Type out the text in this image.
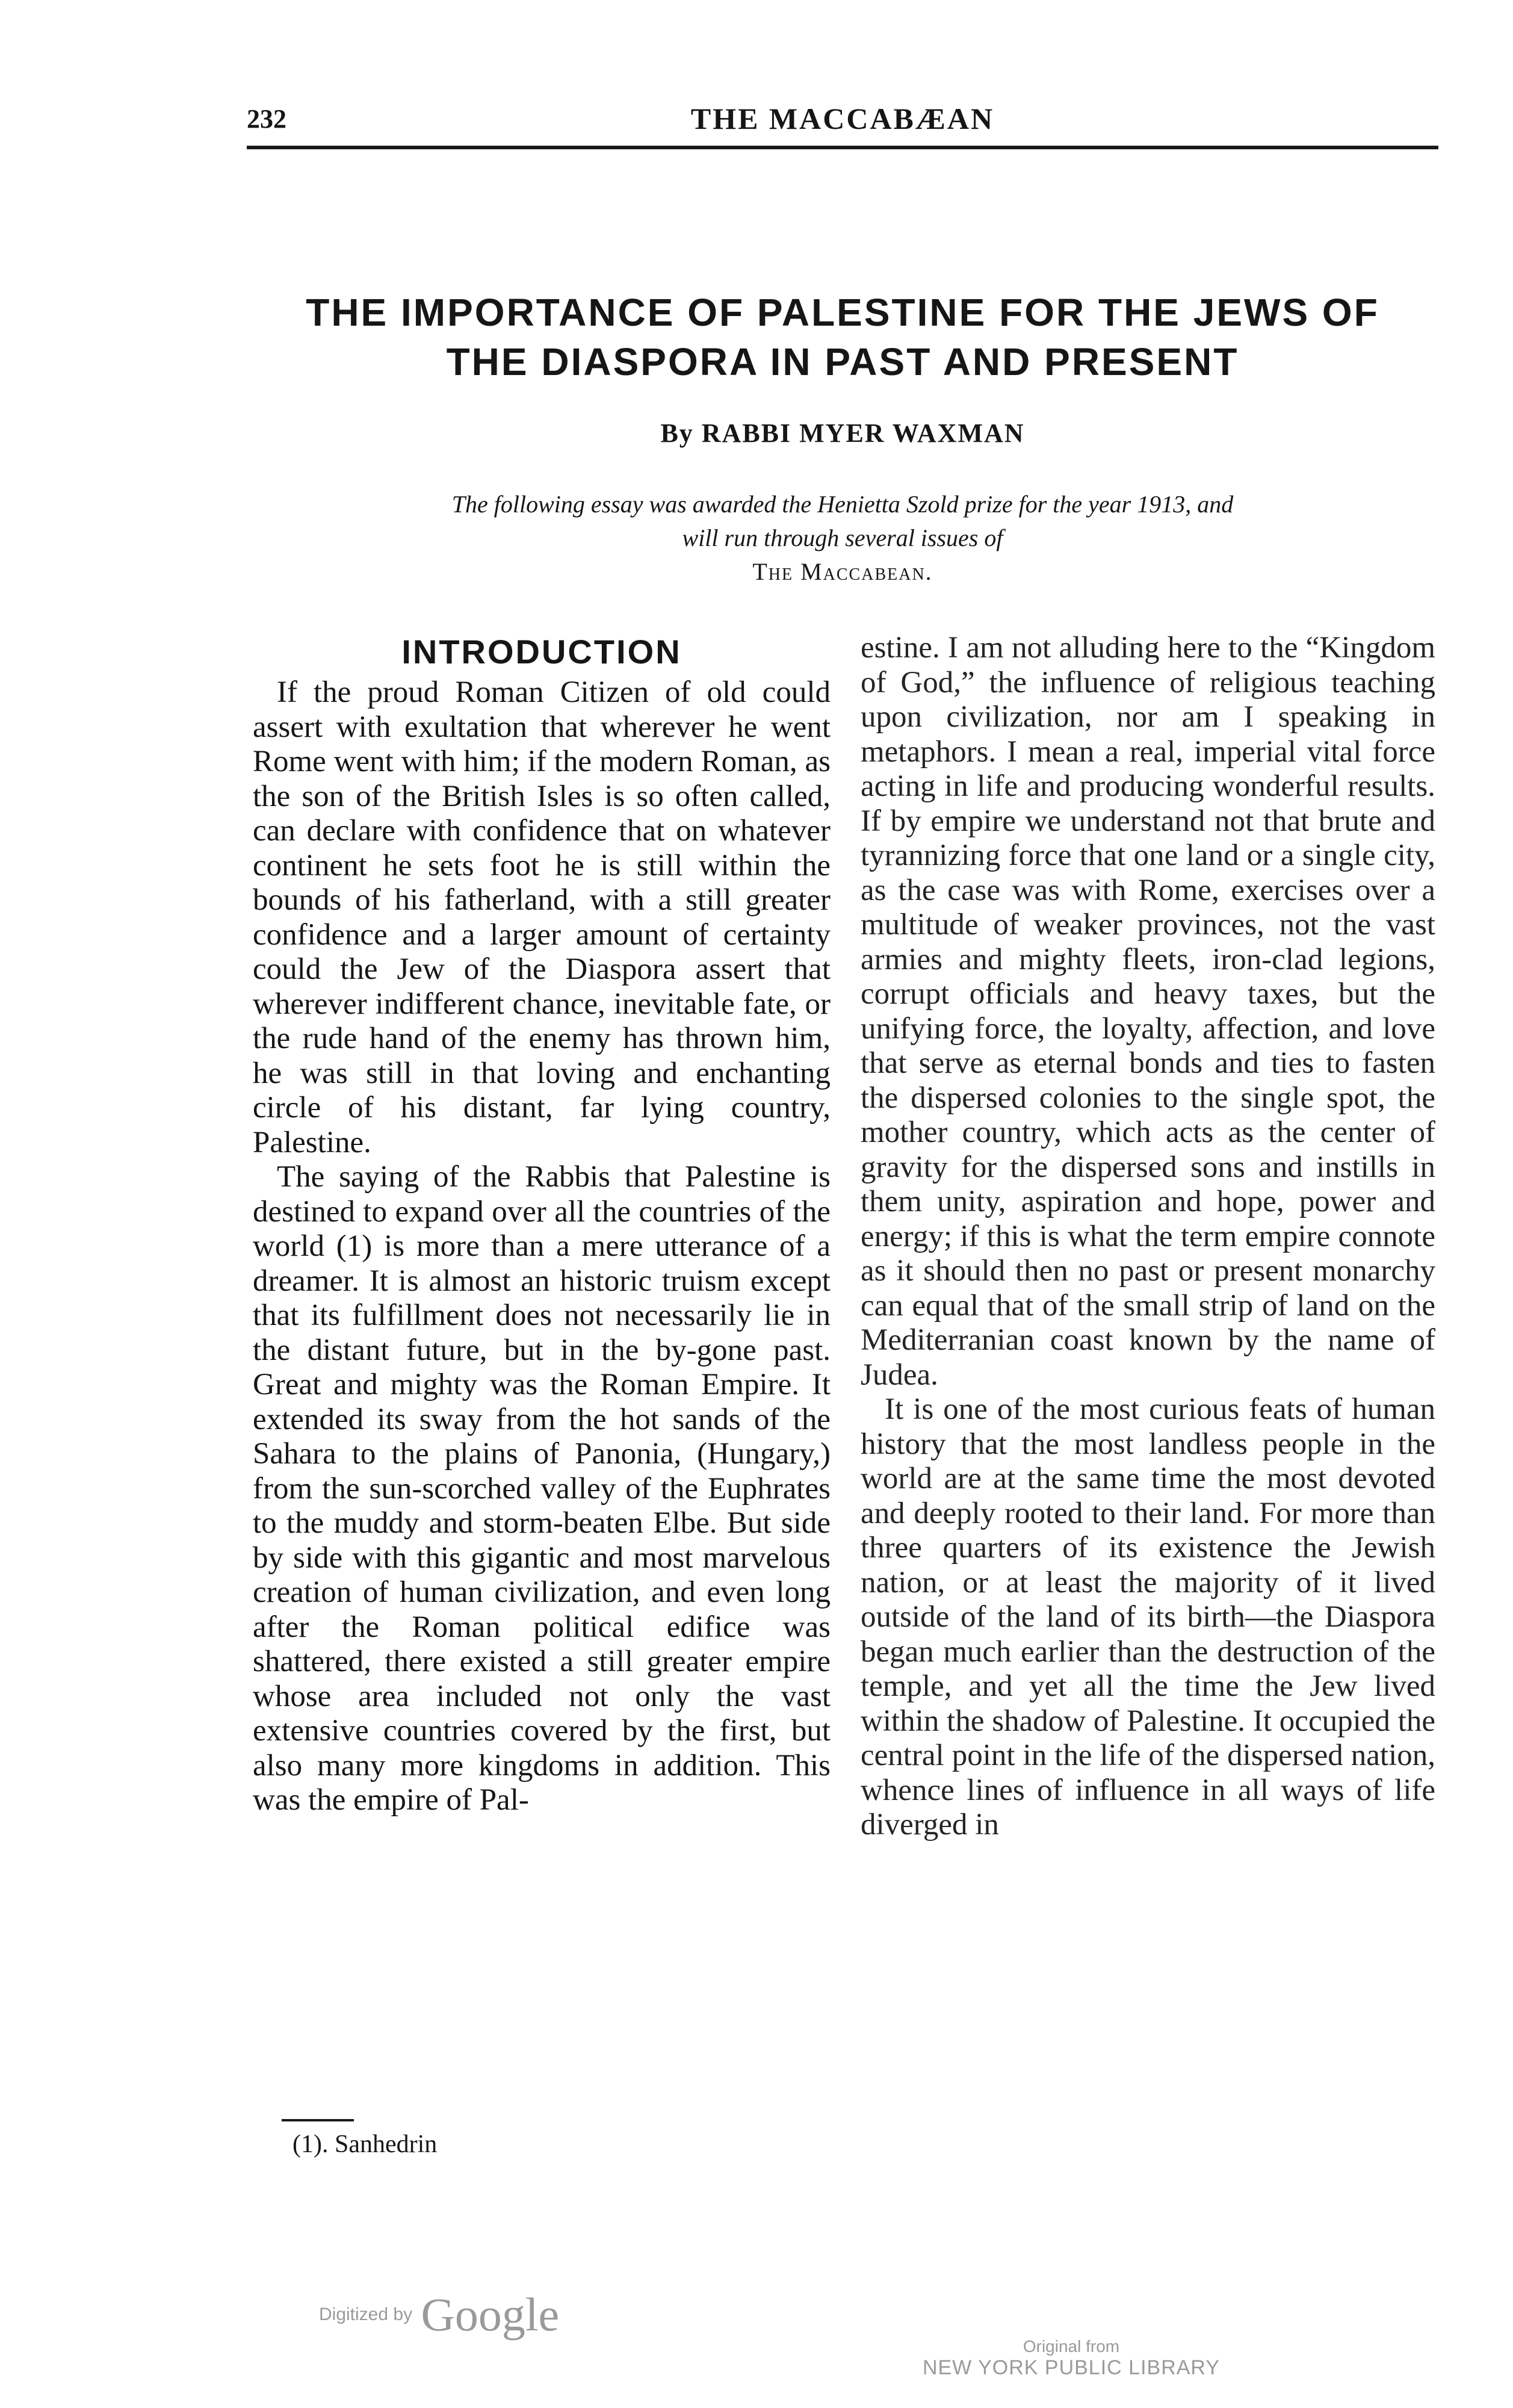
232	THE MACCABÆAN
THE IMPORTANCE OF PALESTINE FOR THE JEWS OF
THE DIASPORA IN PAST AND PRESENT
By RABBI MYER WAXMAN
The following essay was awarded the Henietta Szold prize for the year 1913, and
will run through several issues of
The Maccabean.
INTRODUCTION

If the proud Roman Citizen of old could assert with exultation that wherever he went Rome went with him; if the modern Roman, as the son of the British Isles is so often called, can declare with confidence that on whatever continent he sets foot he is still within the bounds of his fatherland, with a still greater confidence and a larger amount of certainty could the Jew of the Diaspora assert that wherever indifferent chance, inevitable fate, or the rude hand of the enemy has thrown him, he was still in that loving and enchanting circle of his distant, far lying country, Palestine.

The saying of the Rabbis that Palestine is destined to expand over all the countries of the world (1) is more than a mere utterance of a dreamer. It is almost an historic truism except that its fulfillment does not necessarily lie in the distant future, but in the by-gone past. Great and mighty was the Roman Empire. It extended its sway from the hot sands of the Sahara to the plains of Panonia, (Hungary,) from the sun-scorched valley of the Euphrates to the muddy and storm-beaten Elbe. But side by side with this gigantic and most marvelous creation of human civilization, and even long after the Roman political edifice was shattered, there existed a still greater empire whose area included not only the vast extensive countries covered by the first, but also many more kingdoms in addition. This was the empire of Pal-

estine. I am not alluding here to the “Kingdom of God,” the influence of religious teaching upon civilization, nor am I speaking in metaphors. I mean a real, imperial vital force acting in life and producing wonderful results. If by empire we understand not that brute and tyrannizing force that one land or a single city, as the case was with Rome, exercises over a multitude of weaker provinces, not the vast armies and mighty fleets, iron-clad legions, corrupt officials and heavy taxes, but the unifying force, the loyalty, affection, and love that serve as eternal bonds and ties to fasten the dispersed colonies to the single spot, the mother country, which acts as the center of gravity for the dispersed sons and instills in them unity, aspiration and hope, power and energy; if this is what the term empire connote as it should then no past or present monarchy can equal that of the small strip of land on the Mediterranian coast known by the name of Judea.

It is one of the most curious feats of human history that the most landless people in the world are at the same time the most devoted and deeply rooted to their land. For more than three quarters of its existence the Jewish nation, or at least the majority of it lived outside of the land of its birth—the Diaspora began much earlier than the destruction of the temple, and yet all the time the Jew lived within the shadow of Palestine. It occupied the central point in the life of the dispersed nation, whence lines of influence in all ways of life diverged in

(1). Sanhedrin
Digitized by Google
Original from
NEW YORK PUBLIC LIBRARY
